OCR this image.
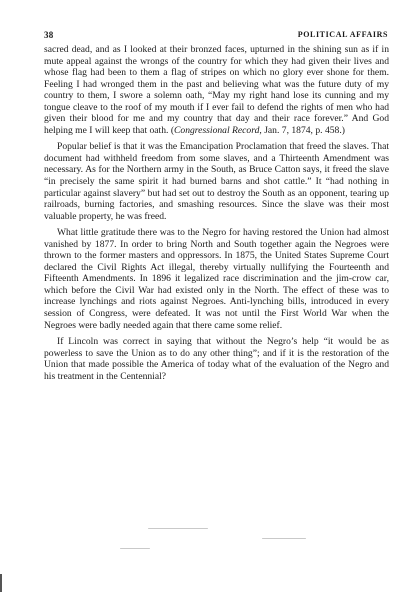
38	POLITICAL AFFAIRS

sacred dead, and as I looked at their bronzed faces, upturned in the shining sun as if in mute appeal against the wrongs of the country for which they had given their lives and whose flag had been to them a flag of stripes on which no glory ever shone for them. Feeling I had wronged them in the past and believing what was the future duty of my country to them, I swore a solemn oath, “May my right hand lose its cunning and my tongue cleave to the roof of my mouth if I ever fail to defend the rights of men who had given their blood for me and my country that day and their race forever.” And God helping me I will keep that oath. (Congressional Record, Jan. 7, 1874, p. 458.)

Popular belief is that it was the Emancipation Proclamation that freed the slaves. That document had withheld freedom from some slaves, and a Thirteenth Amendment was necessary. As for the Northern army in the South, as Bruce Catton says, it freed the slave “in precisely the same spirit it had burned barns and shot cattle.” It “had nothing in particular against slavery” but had set out to destroy the South as an opponent, tearing up railroads, burning factories, and smashing resources. Since the slave was their most valuable property, he was freed.

What little gratitude there was to the Negro for having restored the Union had almost vanished by 1877. In order to bring North and South together again the Negroes were thrown to the former masters and oppressors. In 1875, the United States Supreme Court declared the Civil Rights Act illegal, thereby virtually nullifying the Fourteenth and Fifteenth Amendments. In 1896 it legalized race discrimination and the jim-crow car, which before the Civil War had existed only in the North. The effect of these was to increase lynchings and riots against Negroes. Anti-lynching bills, introduced in every session of Congress, were defeated. It was not until the First World War when the Negroes were badly needed again that there came some relief.

If Lincoln was correct in saying that without the Negro’s help “it would be as powerless to save the Union as to do any other thing”; and if it is the restoration of the Union that made possible the America of today what of the evaluation of the Negro and his treatment in the Centennial?
